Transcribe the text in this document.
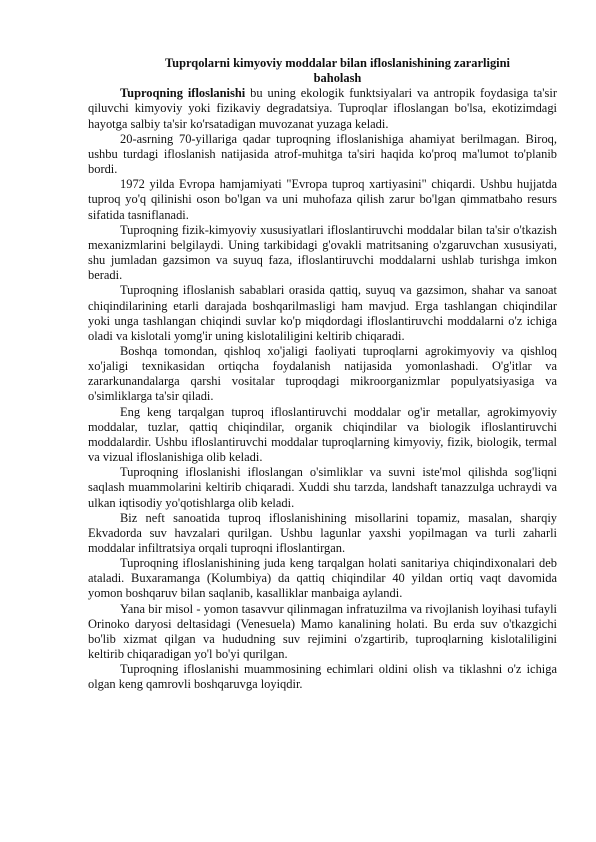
Tuprqolarni kimyoviy moddalar bilan ifloslanishining zararligini
baholash

Tuproqning ifloslanishi bu uning ekologik funktsiyalari va antropik foydasiga ta'sir qiluvchi kimyoviy yoki fizikaviy degradatsiya. Tuproqlar ifloslangan bo'lsa, ekotizimdagi hayotga salbiy ta'sir ko'rsatadigan muvozanat yuzaga keladi.

20-asrning 70-yillariga qadar tuproqning ifloslanishiga ahamiyat berilmagan. Biroq, ushbu turdagi ifloslanish natijasida atrof-muhitga ta'siri haqida ko'proq ma'lumot to'planib bordi.

1972 yilda Evropa hamjamiyati "Evropa tuproq xartiyasini" chiqardi. Ushbu hujjatda tuproq yo'q qilinishi oson bo'lgan va uni muhofaza qilish zarur bo'lgan qimmatbaho resurs sifatida tasniflanadi.

Tuproqning fizik-kimyoviy xususiyatlari ifloslantiruvchi moddalar bilan ta'sir o'tkazish mexanizmlarini belgilaydi. Uning tarkibidagi g'ovakli matritsaning o'zgaruvchan xususiyati, shu jumladan gazsimon va suyuq faza, ifloslantiruvchi moddalarni ushlab turishga imkon beradi.

Tuproqning ifloslanish sabablari orasida qattiq, suyuq va gazsimon, shahar va sanoat chiqindilarining etarli darajada boshqarilmasligi ham mavjud. Erga tashlangan chiqindilar yoki unga tashlangan chiqindi suvlar ko'p miqdordagi ifloslantiruvchi moddalarni o'z ichiga oladi va kislotali yomg'ir uning kislotaliligini keltirib chiqaradi.

Boshqa tomondan, qishloq xo'jaligi faoliyati tuproqlarni agrokimyoviy va qishloq xo'jaligi texnikasidan ortiqcha foydalanish natijasida yomonlashadi. O'g'itlar va zararkunandalarga qarshi vositalar tuproqdagi mikroorganizmlar populyatsiyasiga va o'simliklarga ta'sir qiladi.

Eng keng tarqalgan tuproq ifloslantiruvchi moddalar og'ir metallar, agrokimyoviy moddalar, tuzlar, qattiq chiqindilar, organik chiqindilar va biologik ifloslantiruvchi moddalardir. Ushbu ifloslantiruvchi moddalar tuproqlarning kimyoviy, fizik, biologik, termal va vizual ifloslanishiga olib keladi.

Tuproqning ifloslanishi ifloslangan o'simliklar va suvni iste'mol qilishda sog'liqni saqlash muammolarini keltirib chiqaradi. Xuddi shu tarzda, landshaft tanazzulga uchraydi va ulkan iqtisodiy yo'qotishlarga olib keladi.

Biz neft sanoatida tuproq ifloslanishining misollarini topamiz, masalan, sharqiy Ekvadorda suv havzalari qurilgan. Ushbu lagunlar yaxshi yopilmagan va turli zaharli moddalar infiltratsiya orqali tuproqni ifloslantirgan.

Tuproqning ifloslanishining juda keng tarqalgan holati sanitariya chiqindixonalari deb ataladi. Buxaramanga (Kolumbiya) da qattiq chiqindilar 40 yildan ortiq vaqt davomida yomon boshqaruv bilan saqlanib, kasalliklar manbaiga aylandi.

Yana bir misol - yomon tasavvur qilinmagan infratuzilma va rivojlanish loyihasi tufayli Orinoko daryosi deltasidagi (Venesuela) Mamo kanalining holati. Bu erda suv o'tkazgichi bo'lib xizmat qilgan va hududning suv rejimini o'zgartirib, tuproqlarning kislotaliligini keltirib chiqaradigan yo'l bo'yi qurilgan.

Tuproqning ifloslanishi muammosining echimlari oldini olish va tiklashni o'z ichiga olgan keng qamrovli boshqaruvga loyiqdir.
